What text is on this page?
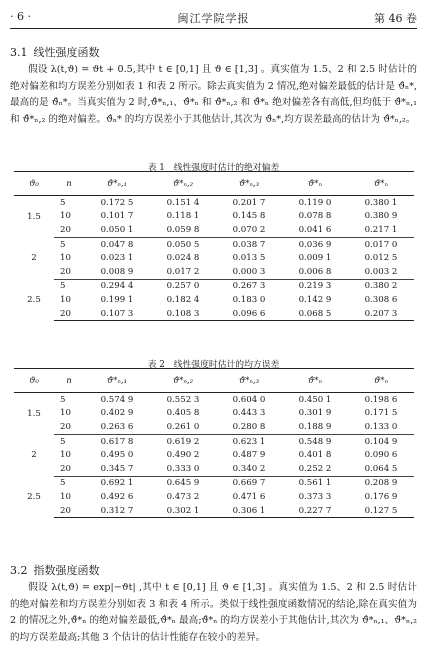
· 6 ·	闽江学院学报	第 46 卷
3.1 线性强度函数
假设 λ(t,ϑ) = ϑt + 0.5,其中 t ∈ [0,1] 且 ϑ ∈ [1,3] 。真实值为 1.5、2 和 2.5 时估计的绝对偏差和均方误差分别如表 1 和表 2 所示。除去真实值为 2 情况,绝对偏差最低的估计是 ϑ̂ₙ*,最高的是 ϑ̂ₙ*。当真实值为 2 时,ϑ̂*ₙ,₁、ϑ̂*ₙ 和 ϑ̂*ₙ,₂ 和 ϑ̂*ₙ 绝对偏差各有高低,但均低于 ϑ̂*ₙ,₁ 和 ϑ̂*ₙ,₂ 的绝对偏差。ϑ̂ₙ* 的均方误差小于其他估计,其次为 ϑ̂ₙ*,均方误差最高的估计为 ϑ̂*ₙ,₂。
表 1　线性强度时估计的绝对偏差
ϑ₀	n	ϑ̂*ₙ,₁	ϑ̂*ₙ,₂	ϑ̂*ₙ,₃	ϑ̂*ₙ	ϑ̃*ₙ
1.5	5	0.172 5	0.151 4	0.201 7	0.119 0	0.380 1
	10	0.101 7	0.118 1	0.145 8	0.078 8	0.380 9
	20	0.050 1	0.059 8	0.070 2	0.041 6	0.217 1
2	5	0.047 8	0.050 5	0.038 7	0.036 9	0.017 0
	10	0.023 1	0.024 8	0.013 5	0.009 1	0.012 5
	20	0.008 9	0.017 2	0.000 3	0.006 8	0.003 2
2.5	5	0.294 4	0.257 0	0.267 3	0.219 3	0.380 2
	10	0.199 1	0.182 4	0.183 0	0.142 9	0.308 6
	20	0.107 3	0.108 3	0.096 6	0.068 5	0.207 3
表 2　线性强度时估计的均方误差
ϑ₀	n	ϑ̂*ₙ,₁	ϑ̂*ₙ,₂	ϑ̂*ₙ,₃	ϑ̂*ₙ	ϑ̃*ₙ
1.5	5	0.574 9	0.552 3	0.604 0	0.450 1	0.198 6
	10	0.402 9	0.405 8	0.443 3	0.301 9	0.171 5
	20	0.263 6	0.261 0	0.280 8	0.188 9	0.133 0
2	5	0.617 8	0.619 2	0.623 1	0.548 9	0.104 9
	10	0.495 0	0.490 2	0.487 9	0.401 8	0.090 6
	20	0.345 7	0.333 0	0.340 2	0.252 2	0.064 5
2.5	5	0.692 1	0.645 9	0.669 7	0.561 1	0.208 9
	10	0.492 6	0.473 2	0.471 6	0.373 3	0.176 9
	20	0.312 7	0.302 1	0.306 1	0.227 7	0.127 5
3.2 指数强度函数
假设 λ(t,ϑ) = exp|−ϑt| ,其中 t ∈ [0,1] 且 ϑ ∈ [1,3] 。真实值为 1.5、2 和 2.5 时估计的绝对偏差和均方误差分别如表 3 和表 4 所示。类似于线性强度函数情况的结论,除在真实值为 2 的情况之外,ϑ̂*ₙ 的绝对偏差最低,ϑ̂*ₙ 最高;ϑ̂*ₙ 的均方误差小于其他估计,其次为 ϑ̂*ₙ,₁、ϑ̂*ₙ,₂ 的均方误差最高;其他 3 个估计的估计性能存在较小的差异。
